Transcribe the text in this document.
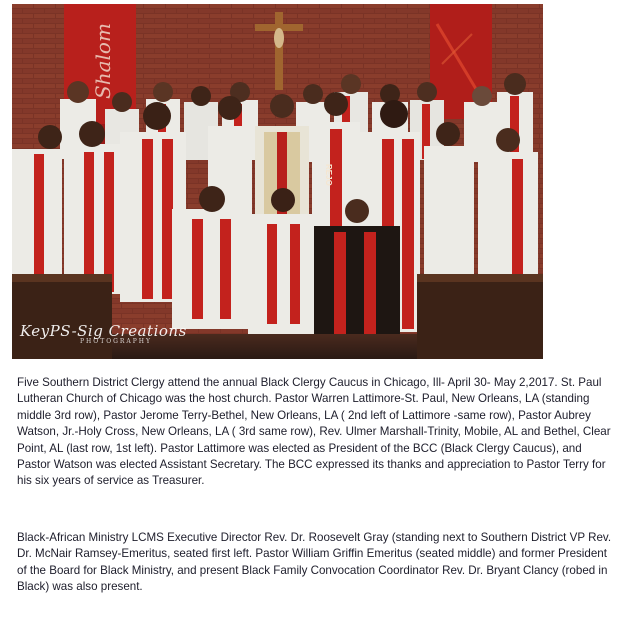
Shalom
REJO
KeyPS-Sig Creations
PHOTOGRAPHY

Five Southern District Clergy attend the annual Black Clergy Caucus in Chicago, Ill- April 30- May 2,2017. St. Paul Lutheran Church of Chicago was the host church. Pastor Warren Lattimore-St. Paul, New Orleans, LA (standing middle 3rd row), Pastor Jerome Terry-Bethel, New Orleans, LA ( 2nd left of Lattimore -same row), Pastor Aubrey Watson, Jr.-Holy Cross, New Orleans, LA ( 3rd same row), Rev. Ulmer Marshall-Trinity, Mobile, AL and Bethel, Clear Point, AL (last row, 1st left). Pastor Lattimore was elected as President of the BCC (Black Clergy Caucus), and Pastor Watson was elected Assistant Secretary. The BCC expressed its thanks and appreciation to Pastor Terry for his six years of service as Treasurer.

Black-African Ministry LCMS Executive Director Rev. Dr. Roosevelt Gray (standing next to Southern District VP Rev. Dr. McNair Ramsey-Emeritus, seated first left. Pastor William Griffin Emeritus (seated middle) and former President of the Board for Black Ministry, and present Black Family Convocation Coordinator Rev. Dr. Bryant Clancy (robed in Black) was also present.
